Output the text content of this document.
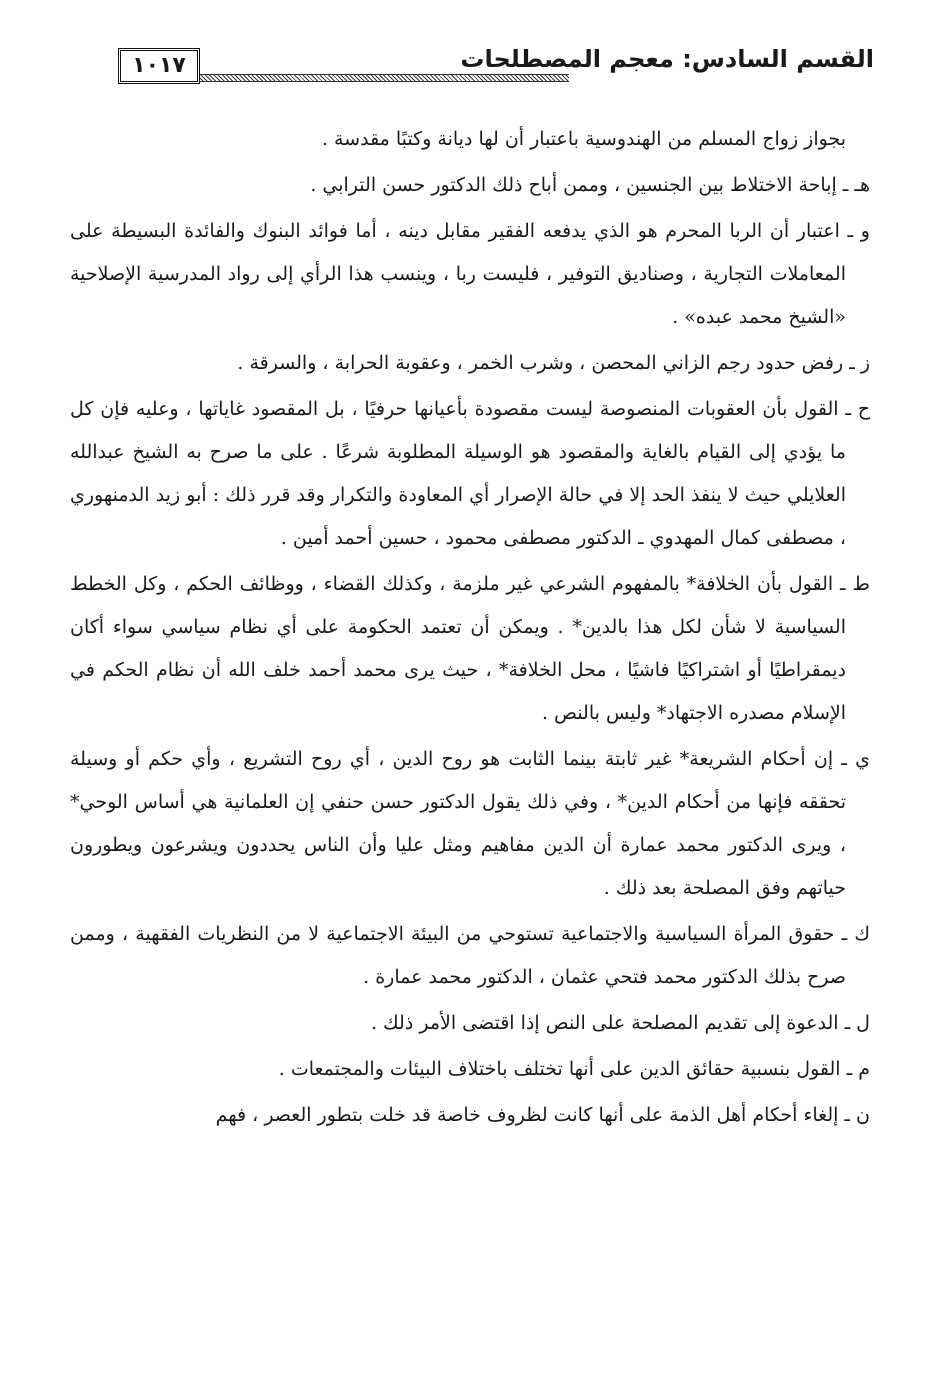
القسم السادس: معجم المصطلحات
١٠١٧

بجواز زواج المسلم من الهندوسية باعتبار أن لها ديانة وكتبًا مقدسة .

هـ ـ إباحة الاختلاط بين الجنسين ، وممن أباح ذلك الدكتور حسن الترابي .

و ـ اعتبار أن الربا المحرم هو الذي يدفعه الفقير مقابل دينه ، أما فوائد البنوك والفائدة البسيطة على المعاملات التجارية ، وصناديق التوفير ، فليست ربا ، وينسب هذا الرأي إلى رواد المدرسية الإصلاحية «الشيخ محمد عبده» .

ز ـ رفض حدود رجم الزاني المحصن ، وشرب الخمر ، وعقوبة الحرابة ، والسرقة .

ح ـ القول بأن العقوبات المنصوصة ليست مقصودة بأعيانها حرفيًا ، بل المقصود غاياتها ، وعليه فإن كل ما يؤدي إلى القيام بالغاية والمقصود هو الوسيلة المطلوبة شرعًا . على ما صرح به الشيخ عبدالله العلايلي حيث لا ينفذ الحد إلا في حالة الإصرار أي المعاودة والتكرار وقد قرر ذلك : أبو زيد الدمنهوري ، مصطفى كمال المهدوي ـ الدكتور مصطفى محمود ، حسين أحمد أمين .

ط ـ القول بأن الخلافة* بالمفهوم الشرعي غير ملزمة ، وكذلك القضاء ، ووظائف الحكم ، وكل الخطط السياسية لا شأن لكل هذا بالدين* . ويمكن أن تعتمد الحكومة على أي نظام سياسي سواء أكان ديمقراطيًا أو اشتراكيًا فاشيًا ، محل الخلافة* ، حيث يرى محمد أحمد خلف الله أن نظام الحكم في الإسلام مصدره الاجتهاد* وليس بالنص .

ي ـ إن أحكام الشريعة* غير ثابتة بينما الثابت هو روح الدين ، أي روح التشريع ، وأي حكم أو وسيلة تحققه فإنها من أحكام الدين* ، وفي ذلك يقول الدكتور حسن حنفي إن العلمانية هي أساس الوحي* ، ويرى الدكتور محمد عمارة أن الدين مفاهيم ومثل عليا وأن الناس يحددون ويشرعون ويطورون حياتهم وفق المصلحة بعد ذلك .

ك ـ حقوق المرأة السياسية والاجتماعية تستوحي من البيئة الاجتماعية لا من النظريات الفقهية ، وممن صرح بذلك الدكتور محمد فتحي عثمان ، الدكتور محمد عمارة .

ل ـ الدعوة إلى تقديم المصلحة على النص إذا اقتضى الأمر ذلك .

م ـ القول بنسبية حقائق الدين على أنها تختلف باختلاف البيئات والمجتمعات .

ن ـ إلغاء أحكام أهل الذمة على أنها كانت لظروف خاصة قد خلت بتطور العصر ، فهم
